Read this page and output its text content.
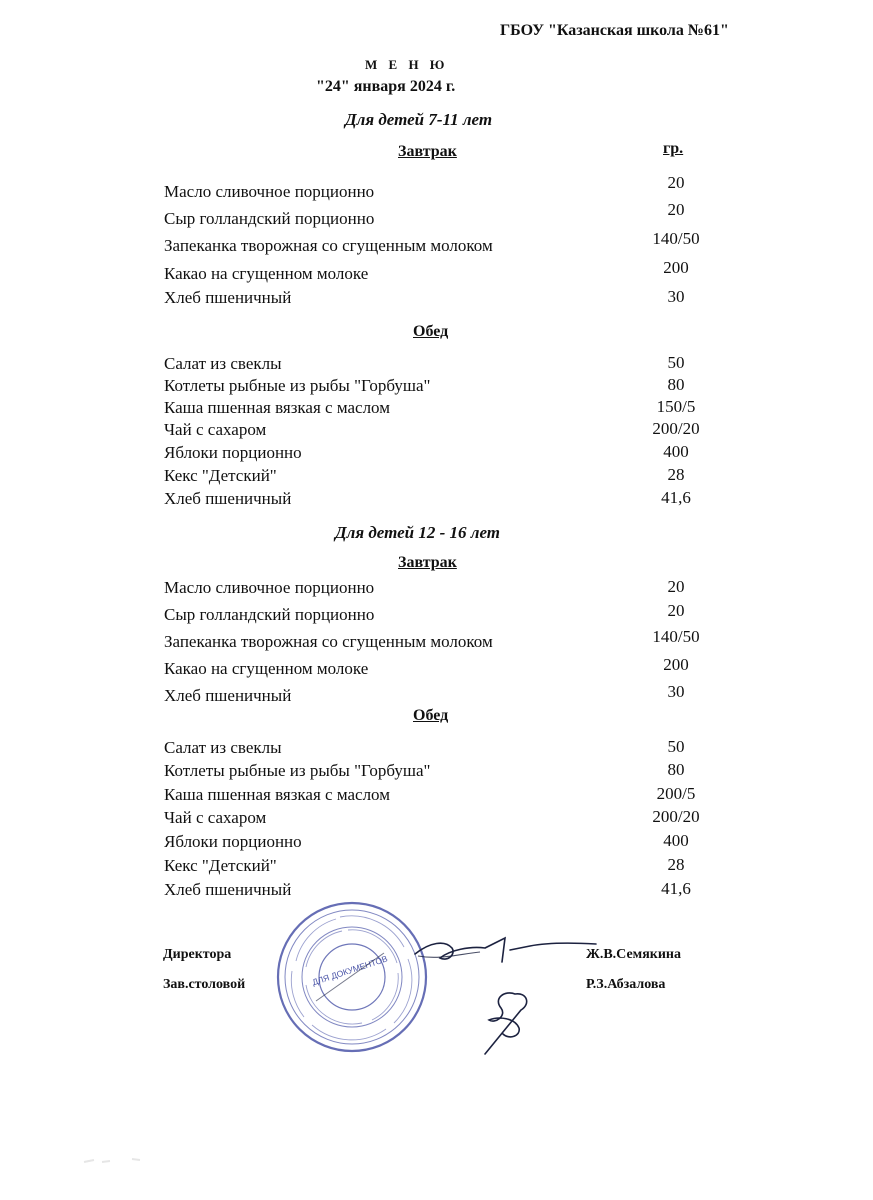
ГБОУ "Казанская школа №61"
М Е Н Ю
"24" января 2024 г.
Для детей 7-11 лет
Завтрак	гр.
Масло сливочное порционно	20
Сыр голландский порционно	20
Запеканка творожная со сгущенным молоком	140/50
Какао на сгущенном молоке	200
Хлеб пшеничный	30
Обед
Салат из свеклы	50
Котлеты рыбные из рыбы "Горбуша"	80
Каша пшенная вязкая с маслом	150/5
Чай с сахаром	200/20
Яблоки порционно	400
Кекс "Детский"	28
Хлеб пшеничный	41,6
Для детей 12 - 16 лет
Завтрак
Масло сливочное порционно	20
Сыр голландский порционно	20
Запеканка творожная со сгущенным молоком	140/50
Какао на сгущенном молоке	200
Хлеб пшеничный	30
Обед
Салат из свеклы	50
Котлеты рыбные из рыбы "Горбуша"	80
Каша пшенная вязкая с маслом	200/5
Чай с сахаром	200/20
Яблоки порционно	400
Кекс "Детский"	28
Хлеб пшеничный	41,6
Директора	Ж.В.Семякина
Зав.столовой	Р.З.Абзалова
ДЛЯ ДОКУМЕНТОВ
